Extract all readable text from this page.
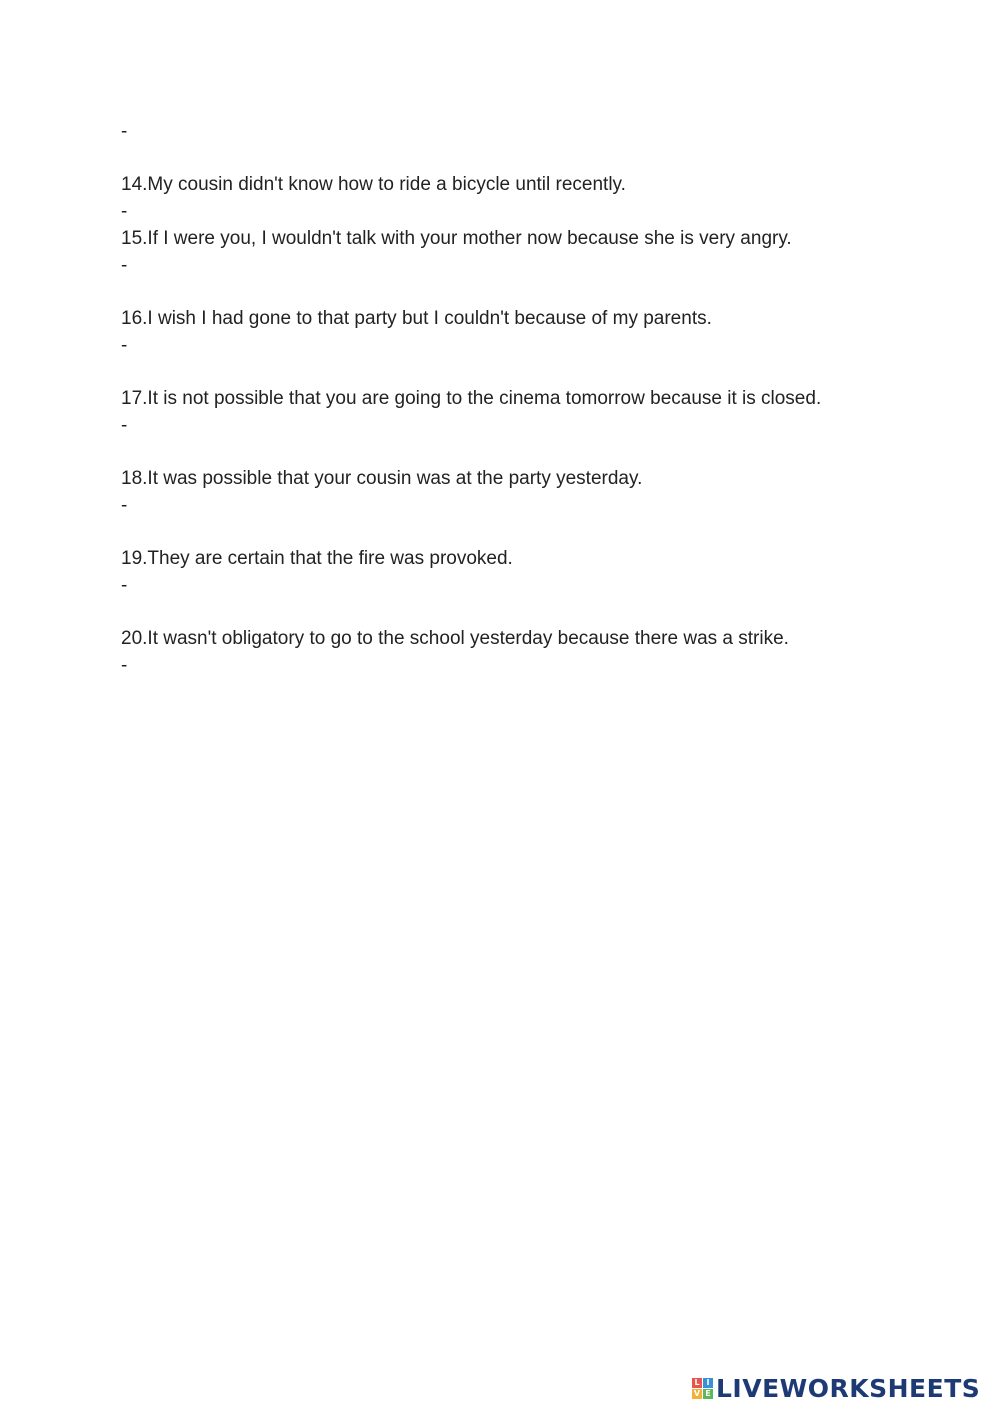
-
14.My cousin didn't know how to ride a bicycle until recently.
-
15.If I were you, I wouldn't talk with your mother now because she is very angry.
-
16.I wish I had gone to that party but I couldn't because of my parents.
-
17.It is not possible that you are going to the cinema tomorrow because it is closed.
-
18.It was possible that your cousin was at the party yesterday.
-
19.They are certain that the fire was provoked.
-
20.It wasn't obligatory to go to the school yesterday because there was a strike.
-
L I
V E LIVEWORKSHEETS
